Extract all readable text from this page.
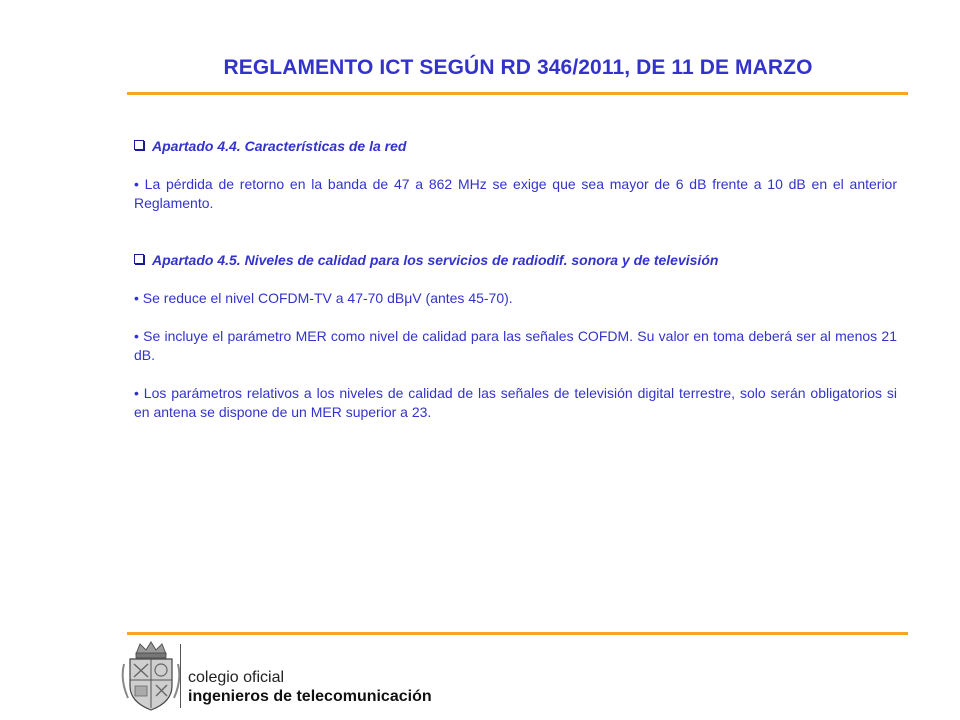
REGLAMENTO ICT SEGÚN RD 346/2011, DE 11 DE MARZO
Apartado 4.4. Características de la red
• La pérdida de retorno en la banda de 47 a 862 MHz se exige que sea mayor de 6 dB frente a 10 dB en el anterior Reglamento.
Apartado 4.5. Niveles de calidad para los servicios de radiodif. sonora y de televisión
• Se reduce el nivel COFDM-TV a 47-70 dBμV (antes 45-70).
• Se incluye el parámetro MER como nivel de calidad para las señales COFDM. Su valor en toma deberá ser al menos 21 dB.
• Los parámetros relativos a los niveles de calidad de las señales de televisión digital terrestre, solo serán obligatorios si en antena se dispone de un MER superior a 23.
colegio oficial
ingenieros de telecomunicación
